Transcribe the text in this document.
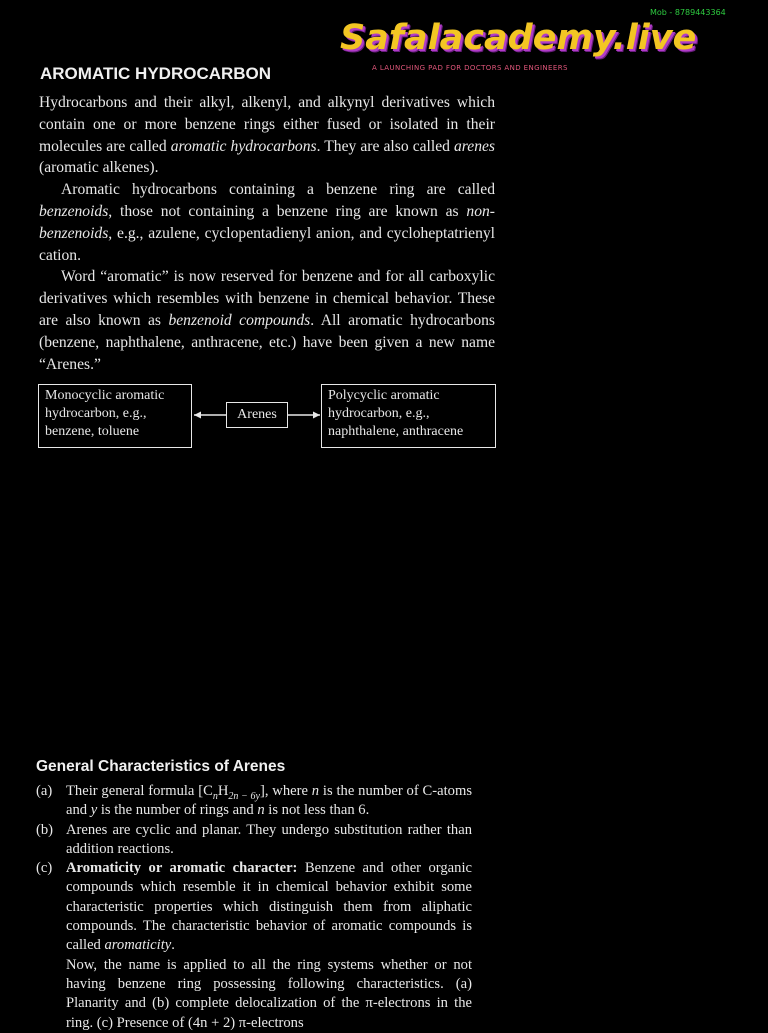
Mob - 8789443364
Safalacademy.live
A LAUNCHING PAD FOR DOCTORS AND ENGINEERS
AROMATIC HYDROCARBON

Hydrocarbons and their alkyl, alkenyl, and alkynyl derivatives which contain one or more benzene rings either fused or isolated in their molecules are called aromatic hydrocarbons. They are also called arenes (aromatic alkenes).

Aromatic hydrocarbons containing a benzene ring are called benzenoids, those not containing a benzene ring are known as non-benzenoids, e.g., azulene, cyclopentadienyl anion, and cycloheptatrienyl cation.

Word “aromatic” is now reserved for benzene and for all carboxylic derivatives which resembles with benzene in chemical behavior. These are also known as benzenoid compounds. All aromatic hydrocarbons (benzene, naphthalene, anthracene, etc.) have been given a new name “Arenes.”

Monocyclic aromatic
hydrocarbon, e.g.,
benzene, toluene
Arenes
Polycyclic aromatic
hydrocarbon, e.g.,
naphthalene, anthracene
General Characteristics of Arenes
(a) Their general formula $[C_nH_{2n - 6y}]$, where n is the number of C-atoms and y is the number of rings and n is not less than 6.

(b) Arenes are cyclic and planar. They undergo substitution rather than addition reactions.

(c) Aromaticity or aromatic character: Benzene and other organic compounds which resemble it in chemical behavior exhibit some characteristic properties which distinguish them from aliphatic compounds. The characteristic behavior of aromatic compounds is called aromaticity.

Now, the name is applied to all the ring systems whether or not having benzene ring possessing following characteristics. (a) Planarity and (b) complete delocalization of the π-electrons in the ring. (c) Presence of (4n + 2) π-electrons
